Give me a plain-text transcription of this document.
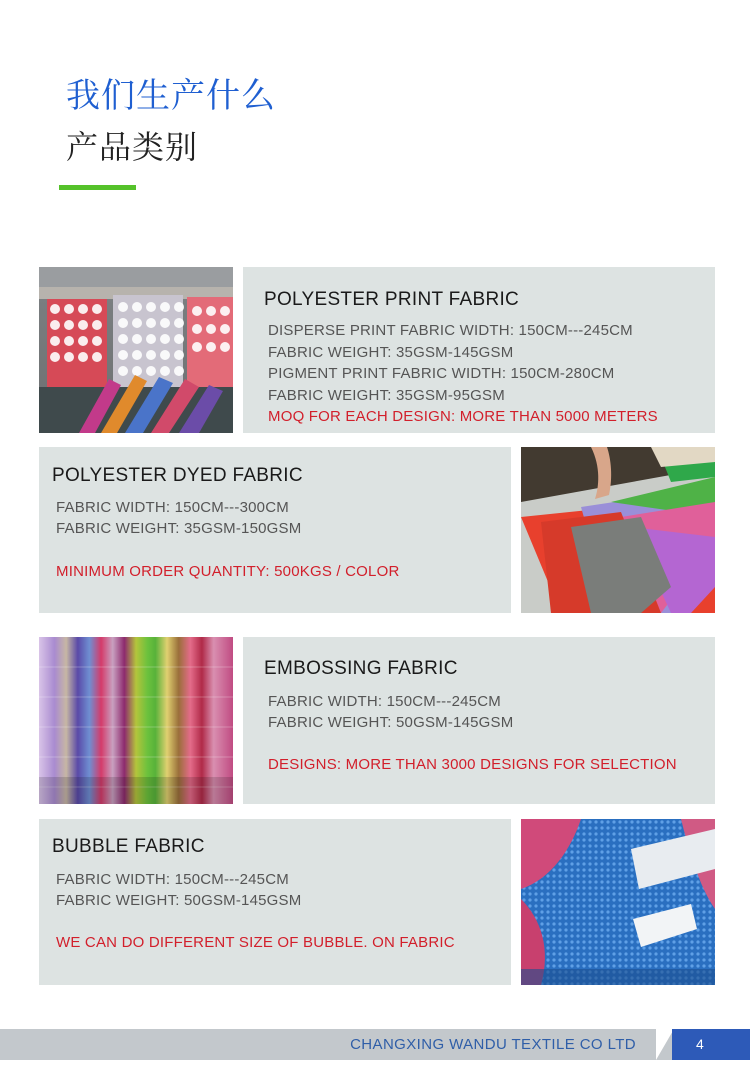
我们生产什么
产品类别
POLYESTER PRINT FABRIC
DISPERSE PRINT FABRIC WIDTH: 150CM---245CM
FABRIC WEIGHT: 35GSM-145GSM
PIGMENT PRINT FABRIC WIDTH: 150CM-280CM
FABRIC WEIGHT: 35GSM-95GSM
MOQ FOR EACH DESIGN: MORE THAN 5000 METERS
POLYESTER DYED FABRIC
FABRIC WIDTH: 150CM---300CM
FABRIC WEIGHT: 35GSM-150GSM
MINIMUM ORDER QUANTITY: 500KGS / COLOR
EMBOSSING FABRIC
FABRIC WIDTH: 150CM---245CM
FABRIC WEIGHT: 50GSM-145GSM
DESIGNS: MORE THAN 3000 DESIGNS FOR SELECTION
BUBBLE FABRIC
FABRIC WIDTH: 150CM---245CM
FABRIC WEIGHT: 50GSM-145GSM
WE CAN DO DIFFERENT SIZE OF BUBBLE. ON FABRIC
CHANGXING WANDU TEXTILE CO LTD	4
